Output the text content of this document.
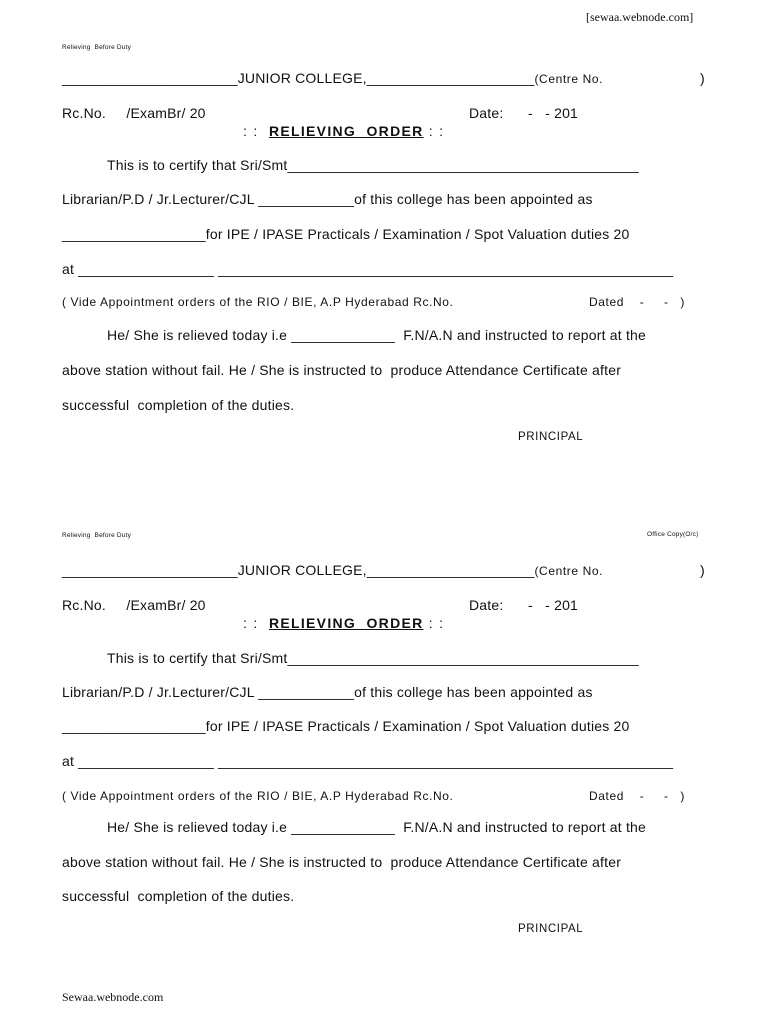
[sewaa.webnode.com]
Relieving  Before Duty
______________________JUNIOR COLLEGE,_____________________(Centre No.	)
Rc.No.     /ExamBr/ 20	Date:      -   - 201
: :  RELIEVING  ORDER : :
This is to certify that Sri/Smt____________________________________________
Librarian/P.D / Jr.Lecturer/CJL ____________of this college has been appointed as
__________________for IPE / IPASE Practicals / Examination / Spot Valuation duties 20
at _________________ _________________________________________________________
( Vide Appointment orders of the RIO / BIE, A.P Hyderabad Rc.No.	Dated    -     -   )
He/ She is relieved today i.e _____________  F.N/A.N and instructed to report at the
above station without fail. He / She is instructed to  produce Attendance Certificate after
successful  completion of the duties.
PRINCIPAL
Relieving  Before Duty	Office Copy(O/c)
______________________JUNIOR COLLEGE,_____________________(Centre No.	)
Rc.No.     /ExamBr/ 20	Date:      -   - 201
: :  RELIEVING  ORDER : :
This is to certify that Sri/Smt____________________________________________
Librarian/P.D / Jr.Lecturer/CJL ____________of this college has been appointed as
__________________for IPE / IPASE Practicals / Examination / Spot Valuation duties 20
at _________________ _________________________________________________________
( Vide Appointment orders of the RIO / BIE, A.P Hyderabad Rc.No.	Dated    -     -   )
He/ She is relieved today i.e _____________  F.N/A.N and instructed to report at the
above station without fail. He / She is instructed to  produce Attendance Certificate after
successful  completion of the duties.
PRINCIPAL
Sewaa.webnode.com
